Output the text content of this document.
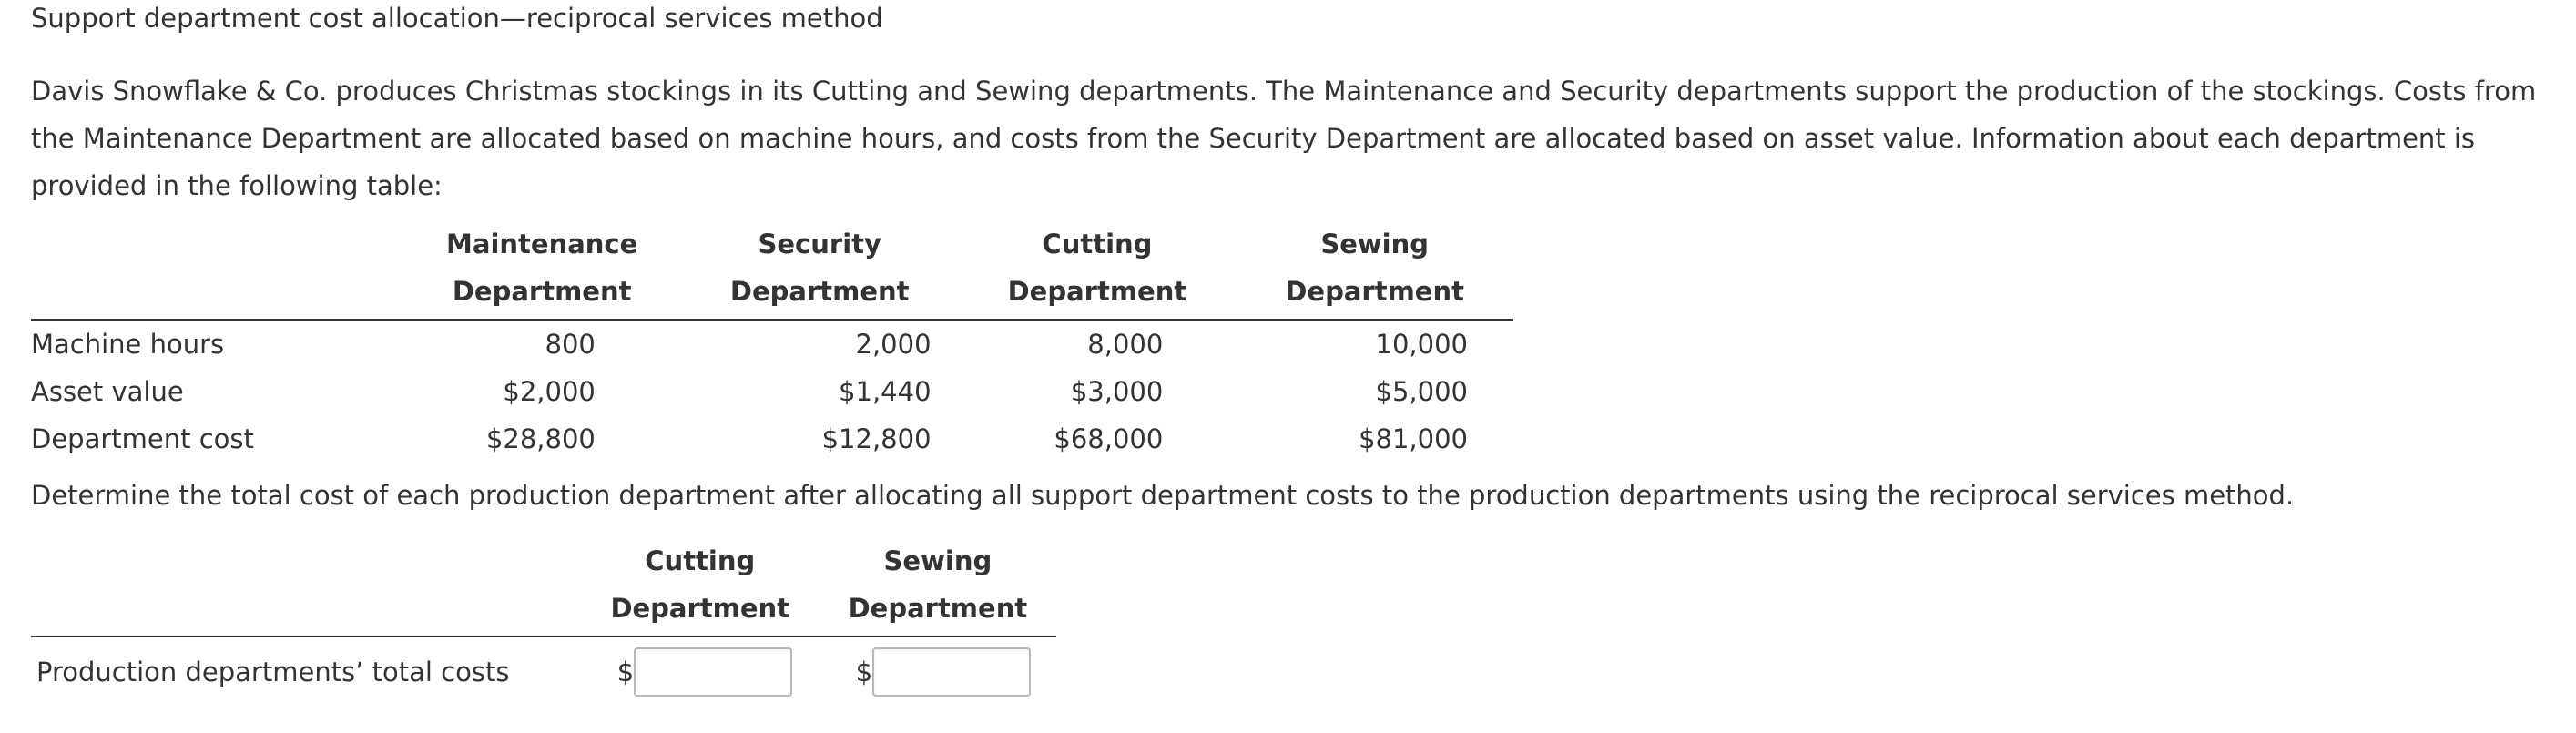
Support department cost allocation—reciprocal services method
Davis Snowflake & Co. produces Christmas stockings in its Cutting and Sewing departments. The Maintenance and Security departments support the production of the stockings. Costs from the Maintenance Department are allocated based on machine hours, and costs from the Security Department are allocated based on asset value. Information about each department is provided in the following table:
	Maintenance	Security	Cutting	Sewing
	Department	Department	Department	Department
Machine hours	800	2,000	8,000	10,000
Asset value	$2,000	$1,440	$3,000	$5,000
Department cost	$28,800	$12,800	$68,000	$81,000
Determine the total cost of each production department after allocating all support department costs to the production departments using the reciprocal services method.
	Cutting	Sewing
	Department	Department
Production departments’ total costs	$	$
